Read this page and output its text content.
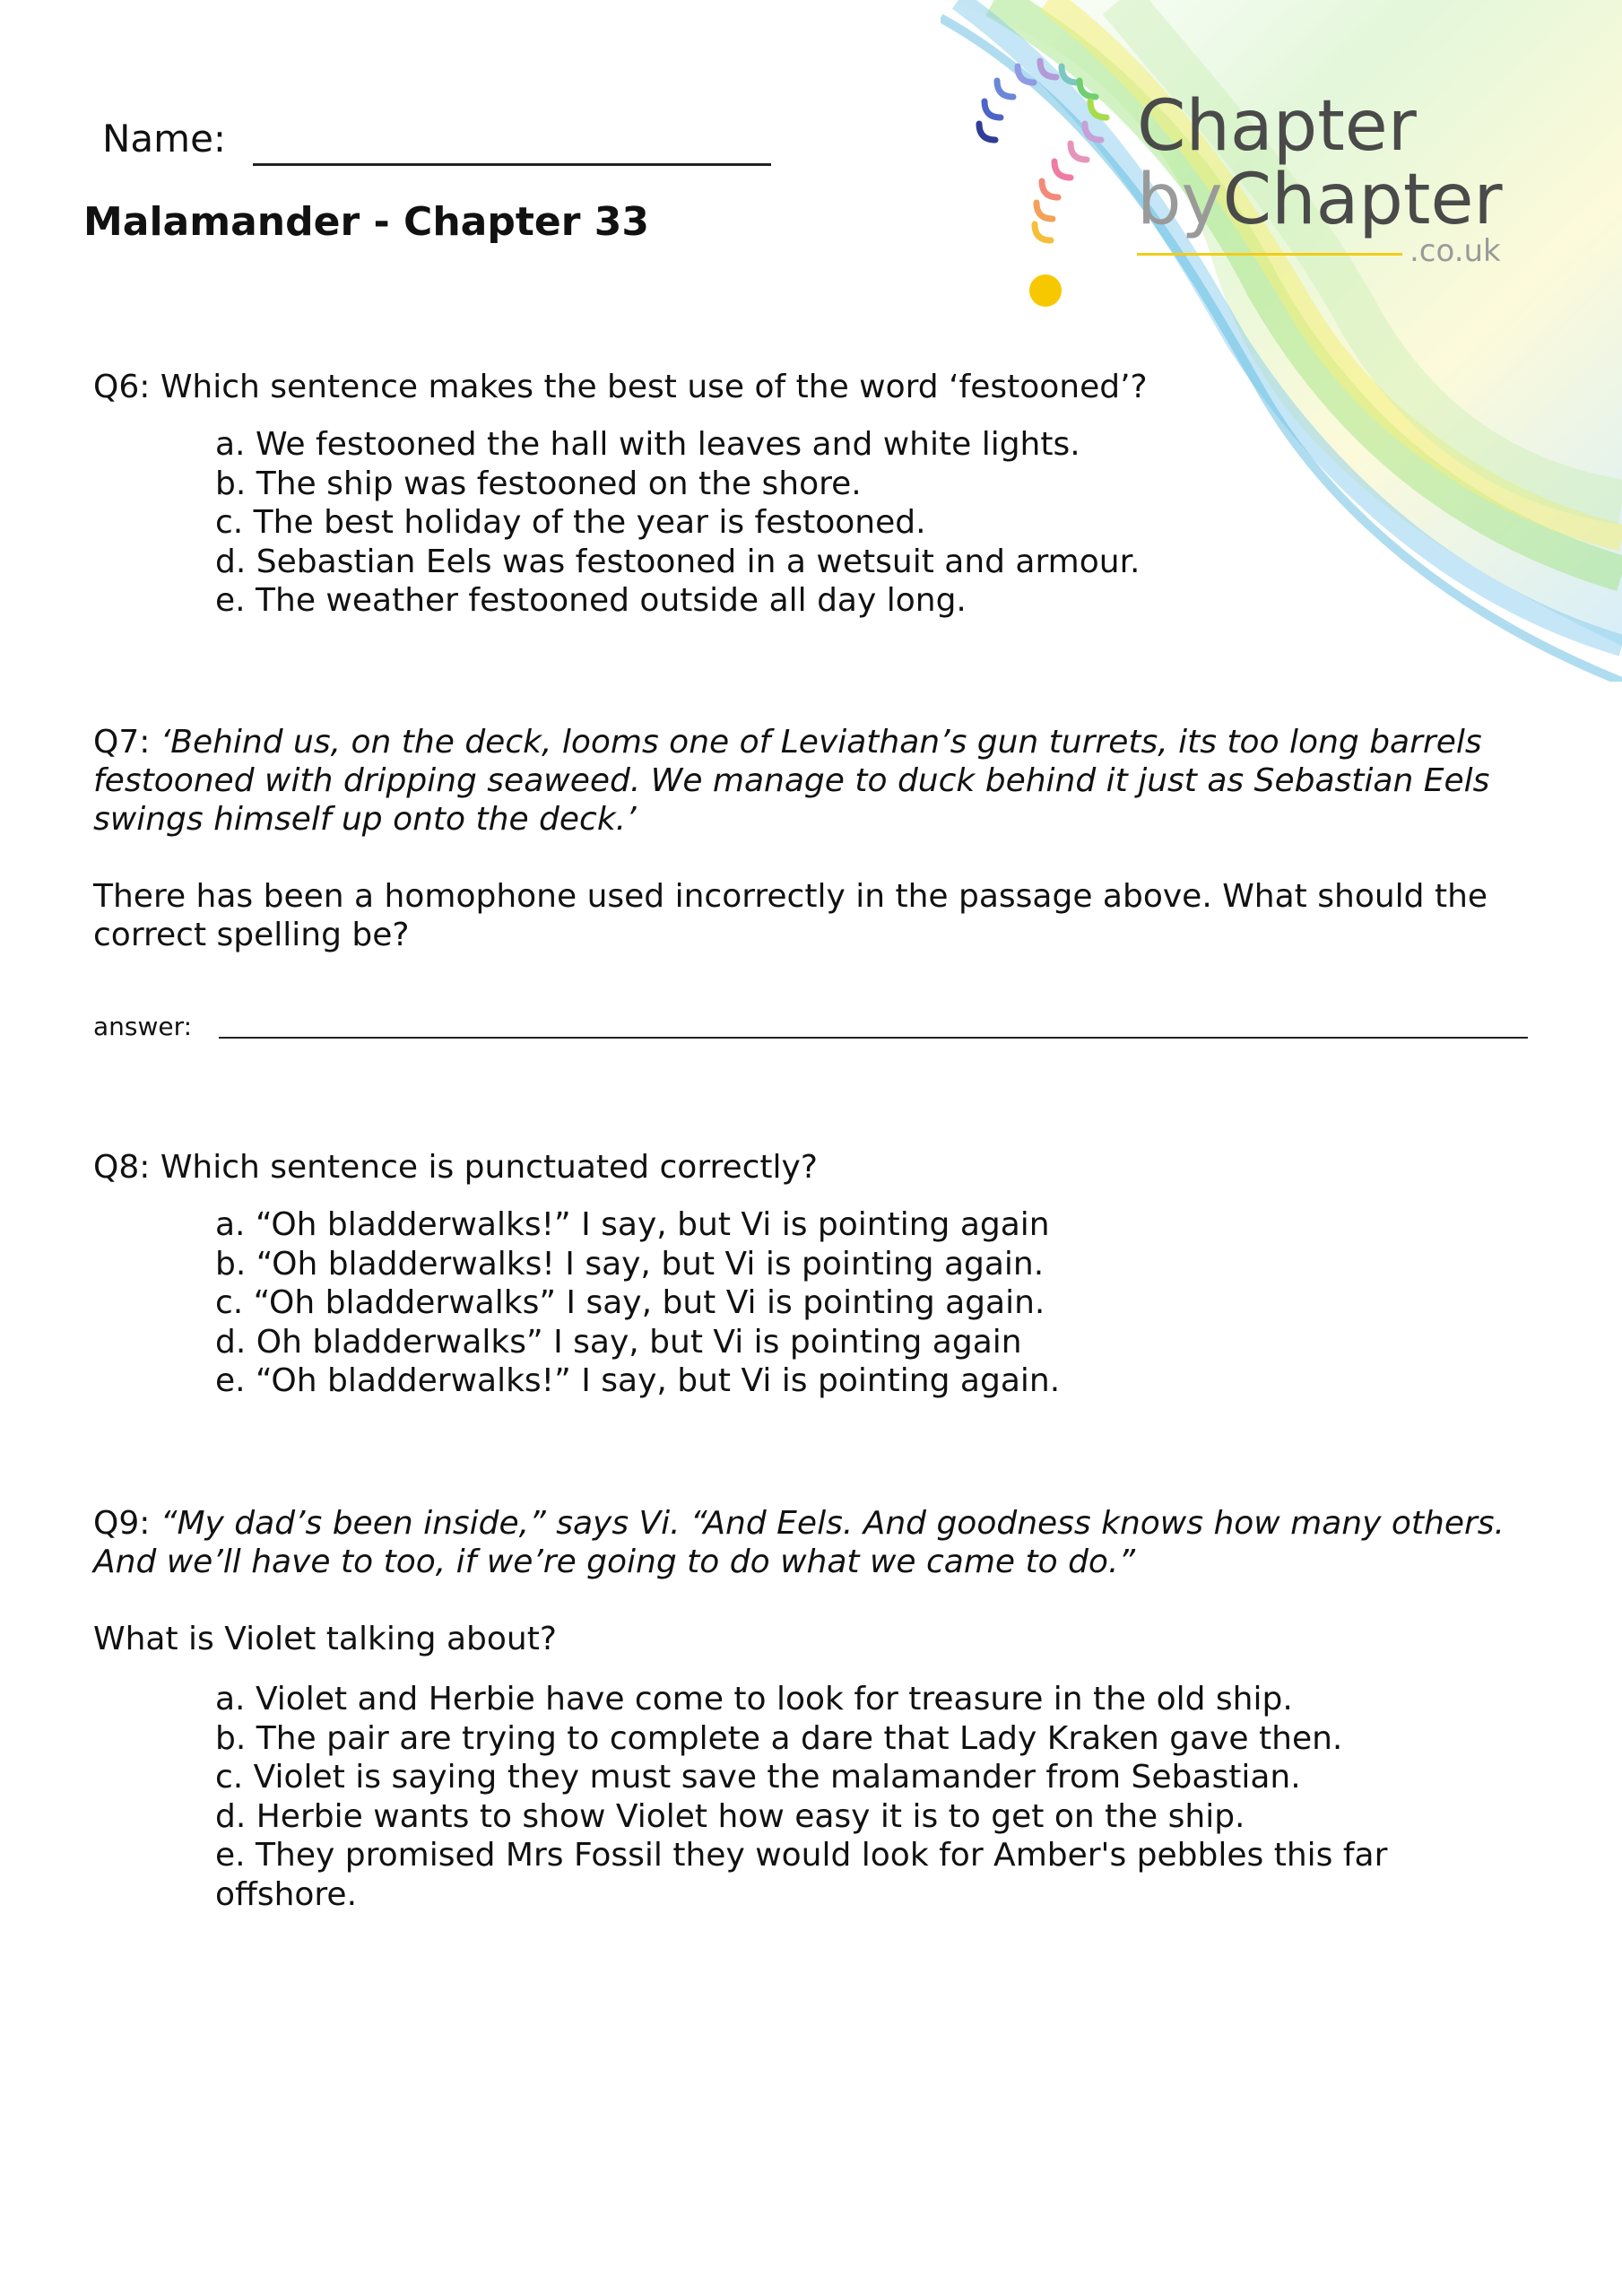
Chapter
byChapter
.co.uk
Name:
Malamander - Chapter 33
Q6: Which sentence makes the best use of the word ‘festooned’?
a. We festooned the hall with leaves and white lights.
b. The ship was festooned on the shore.
c. The best holiday of the year is festooned.
d. Sebastian Eels was festooned in a wetsuit and armour.
e. The weather festooned outside all day long.
Q7: ‘Behind us, on the deck, looms one of Leviathan’s gun turrets, its too long barrels festooned with dripping seaweed. We manage to duck behind it just as Sebastian Eels swings himself up onto the deck.’
There has been a homophone used incorrectly in the passage above. What should the correct spelling be?
answer:
Q8: Which sentence is punctuated correctly?
a. “Oh bladderwalks!” I say, but Vi is pointing again
b. “Oh bladderwalks! I say, but Vi is pointing again.
c. “Oh bladderwalks” I say, but Vi is pointing again.
d. Oh bladderwalks” I say, but Vi is pointing again
e. “Oh bladderwalks!” I say, but Vi is pointing again.
Q9: “My dad’s been inside,” says Vi. “And Eels. And goodness knows how many others. And we’ll have to too, if we’re going to do what we came to do.”
What is Violet talking about?
a. Violet and Herbie have come to look for treasure in the old ship.
b. The pair are trying to complete a dare that Lady Kraken gave then.
c. Violet is saying they must save the malamander from Sebastian.
d. Herbie wants to show Violet how easy it is to get on the ship.
e. They promised Mrs Fossil they would look for Amber's pebbles this far offshore.
